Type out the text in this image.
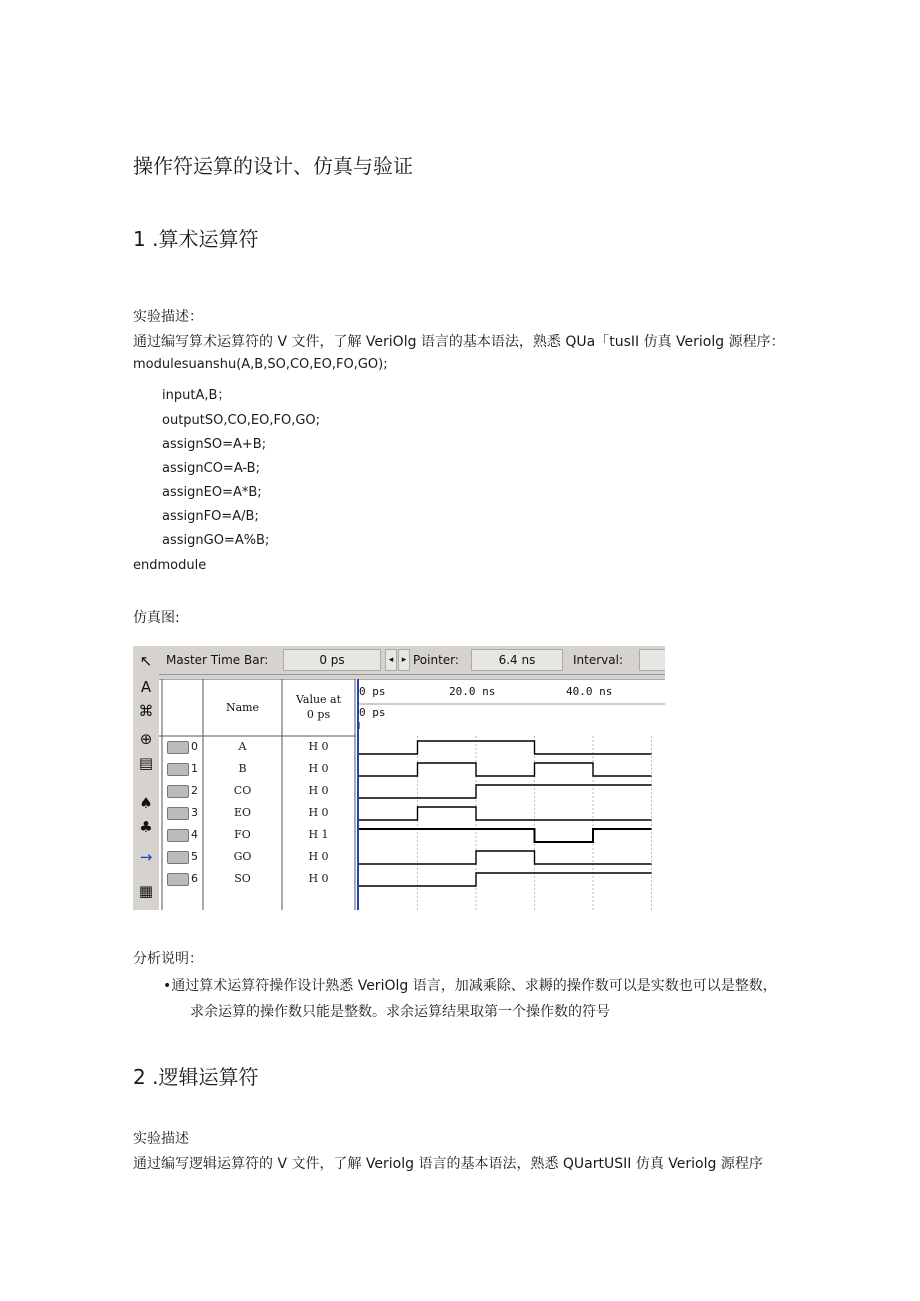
操作符运算的设计、仿真与验证
1 .算术运算符
实验描述：
通过编写算术运算符的 V 文件，了解 VeriOlg 语言的基本语法，熟悉 QUa「tusII 仿真 Veriolg 源程序：
modulesuanshu(A,B,SO,CO,EO,FO,GO);
inputA,B；
outputSO,CO,EO,FO,GO;
assignSO=A+B;
assignCO=A-B;
assignEO=A*B;
assignFO=A/B;
assignGO=A%B;
endmodule
仿真图:
↖
A
⌘
⊕
▤
♠
♣
→
▦
Master Time Bar:	0 ps	◂ ▸ Pointer:	6.4 ns	Interval:
Name
Value at
0 ps
0	A	H 0
1	B	H 0
2	CO	H 0
3	EO	H 0
4	FO	H 1
5	GO	H 0
6	SO	H 0
0 ps	20.0 ns	40.0 ns
0 ps
分析说明：
•通过算术运算符操作设计熟悉 VeriOlg 语言，加减乘除、求耨的操作数可以是实数也可以是整数，
求余运算的操作数只能是整数。求余运算结果取第一个操作数的符号
2 .逻辑运算符
实验描述
通过编写逻辑运算符的 V 文件，了解 Veriolg 语言的基本语法，熟悉 QUartUSII 仿真 Veriolg 源程序
